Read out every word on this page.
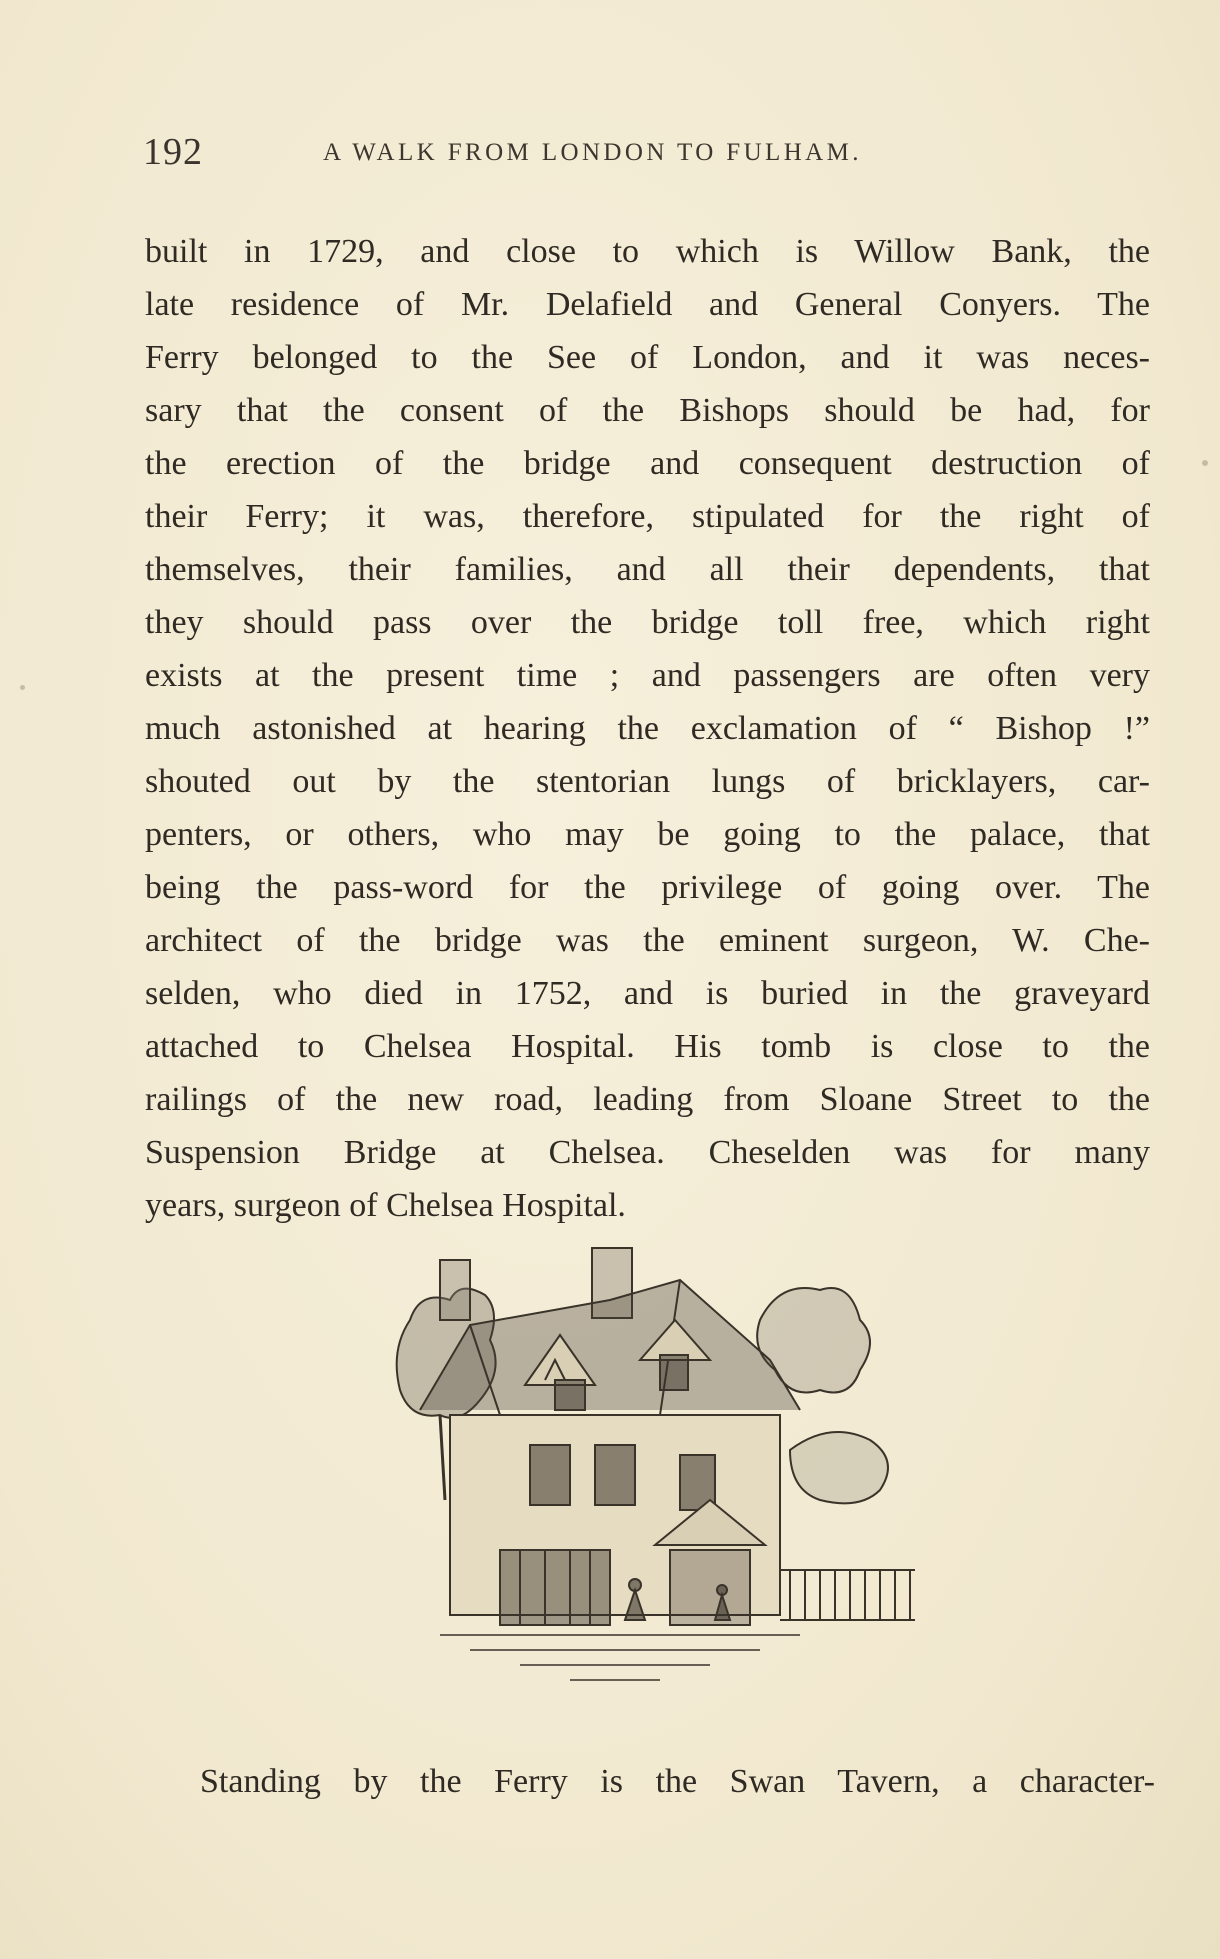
192	A WALK FROM LONDON TO FULHAM.

built in 1729, and close to which is Willow Bank, the
late residence of Mr. Delafield and General Conyers. The
Ferry belonged to the See of London, and it was neces-
sary that the consent of the Bishops should be had, for
the erection of the bridge and consequent destruction of
their Ferry; it was, therefore, stipulated for the right of
themselves, their families, and all their dependents, that
they should pass over the bridge toll free, which right
exists at the present time ; and passengers are often very
much astonished at hearing the exclamation of “ Bishop !”
shouted out by the stentorian lungs of bricklayers, car-
penters, or others, who may be going to the palace, that
being the pass-word for the privilege of going over. The
architect of the bridge was the eminent surgeon, W. Che-
selden, who died in 1752, and is buried in the graveyard
attached to Chelsea Hospital. His tomb is close to the
railings of the new road, leading from Sloane Street to the
Suspension Bridge at Chelsea. Cheselden was for many
years, surgeon of Chelsea Hospital.

Standing by the Ferry is the Swan Tavern, a character-
